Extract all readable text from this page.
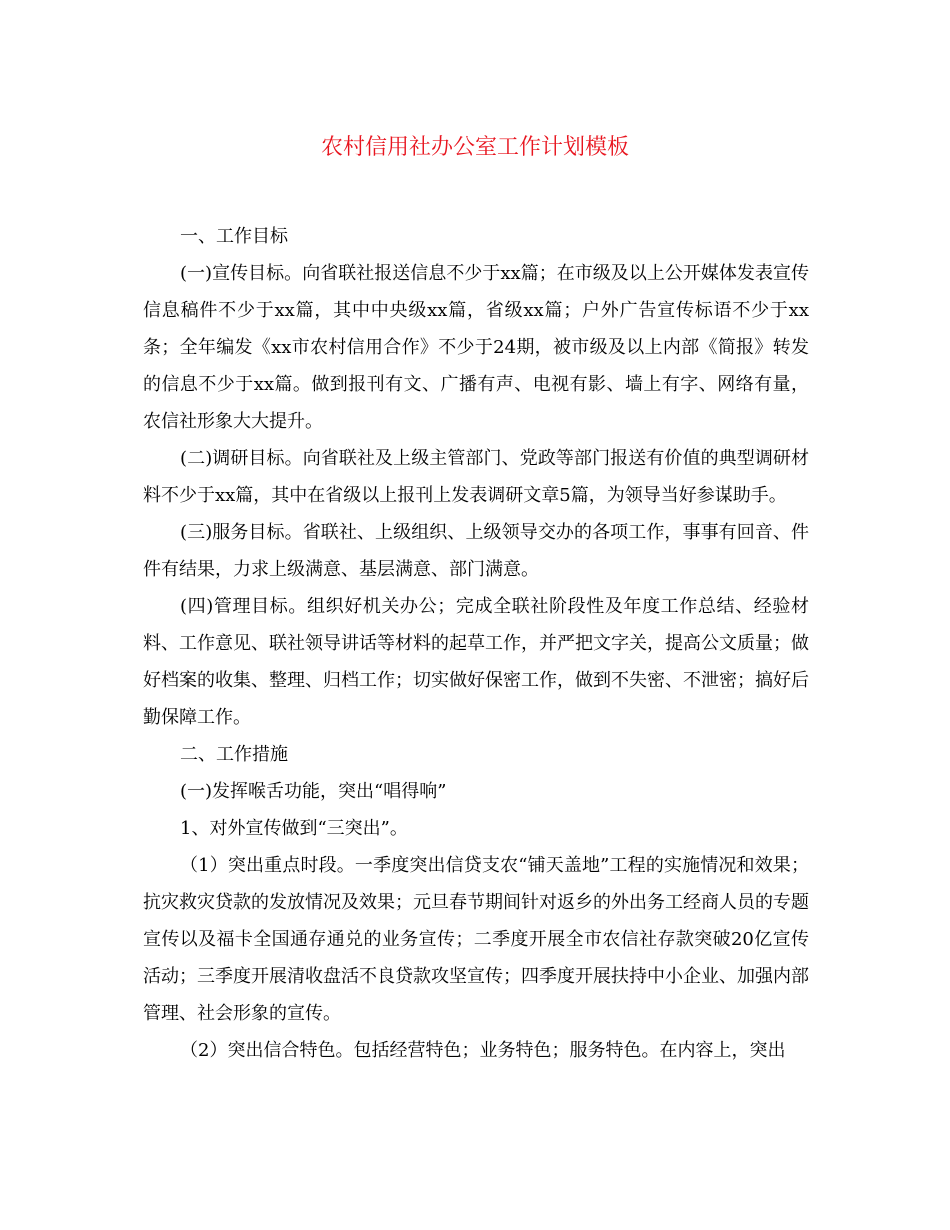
农村信用社办公室工作计划模板

一、工作目标

(一)宣传目标。向省联社报送信息不少于xx篇；在市级及以上公开媒体发表宣传信息稿件不少于xx篇，其中中央级xx篇，省级xx篇；户外广告宣传标语不少于xx条；全年编发《xx市农村信用合作》不少于24期，被市级及以上内部《简报》转发的信息不少于xx篇。做到报刊有文、广播有声、电视有影、墙上有字、网络有量，农信社形象大大提升。

(二)调研目标。向省联社及上级主管部门、党政等部门报送有价值的典型调研材料不少于xx篇，其中在省级以上报刊上发表调研文章5篇，为领导当好参谋助手。

(三)服务目标。省联社、上级组织、上级领导交办的各项工作，事事有回音、件件有结果，力求上级满意、基层满意、部门满意。

(四)管理目标。组织好机关办公；完成全联社阶段性及年度工作总结、经验材料、工作意见、联社领导讲话等材料的起草工作，并严把文字关，提高公文质量；做好档案的收集、整理、归档工作；切实做好保密工作，做到不失密、不泄密；搞好后勤保障工作。

二、工作措施

(一)发挥喉舌功能，突出“唱得响”

1、对外宣传做到“三突出”。

（1）突出重点时段。一季度突出信贷支农“铺天盖地”工程的实施情况和效果；抗灾救灾贷款的发放情况及效果；元旦春节期间针对返乡的外出务工经商人员的专题宣传以及福卡全国通存通兑的业务宣传；二季度开展全市农信社存款突破20亿宣传活动；三季度开展清收盘活不良贷款攻坚宣传；四季度开展扶持中小企业、加强内部管理、社会形象的宣传。

（2）突出信合特色。包括经营特色；业务特色；服务特色。在内容上，突出
